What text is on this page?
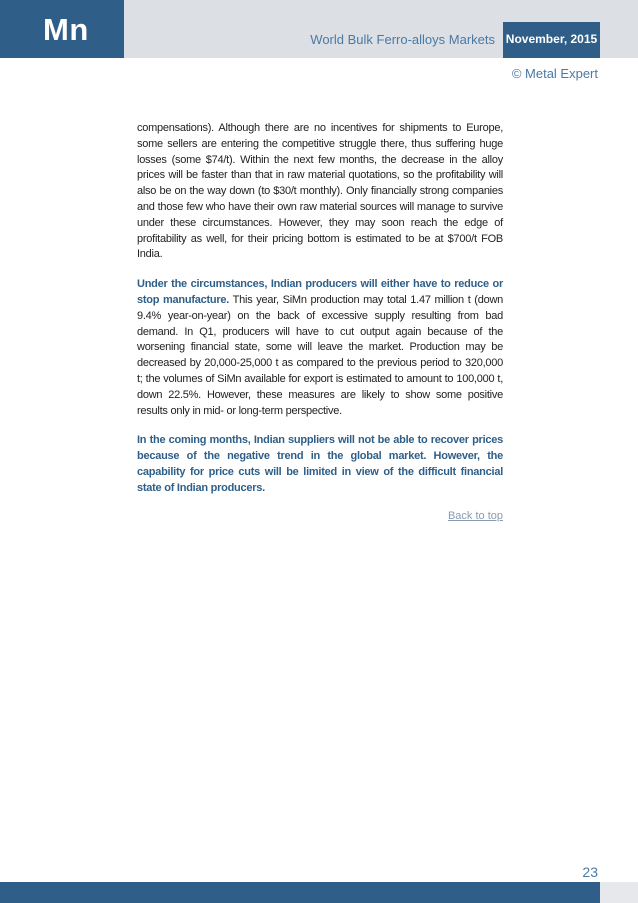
Mn	World Bulk Ferro-alloys Markets November, 2015
© Metal Expert

compensations). Although there are no incentives for shipments to Europe, some sellers are entering the competitive struggle there, thus suffering huge losses (some $74/t). Within the next few months, the decrease in the alloy prices will be faster than that in raw material quotations, so the profitability will also be on the way down (to $30/t monthly). Only financially strong companies and those few who have their own raw material sources will manage to survive under these circumstances. However, they may soon reach the edge of profitability as well, for their pricing bottom is estimated to be at $700/t FOB India.

Under the circumstances, Indian producers will either have to reduce or stop manufacture. This year, SiMn production may total 1.47 million t (down 9.4% year-on-year) on the back of excessive supply resulting from bad demand. In Q1, producers will have to cut output again because of the worsening financial state, some will leave the market. Production may be decreased by 20,000-25,000 t as compared to the previous period to 320,000 t; the volumes of SiMn available for export is estimated to amount to 100,000 t, down 22.5%. However, these measures are likely to show some positive results only in mid- or long-term perspective.

In the coming months, Indian suppliers will not be able to recover prices because of the negative trend in the global market. However, the capability for price cuts will be limited in view of the difficult financial state of Indian producers.

Back to top
23
